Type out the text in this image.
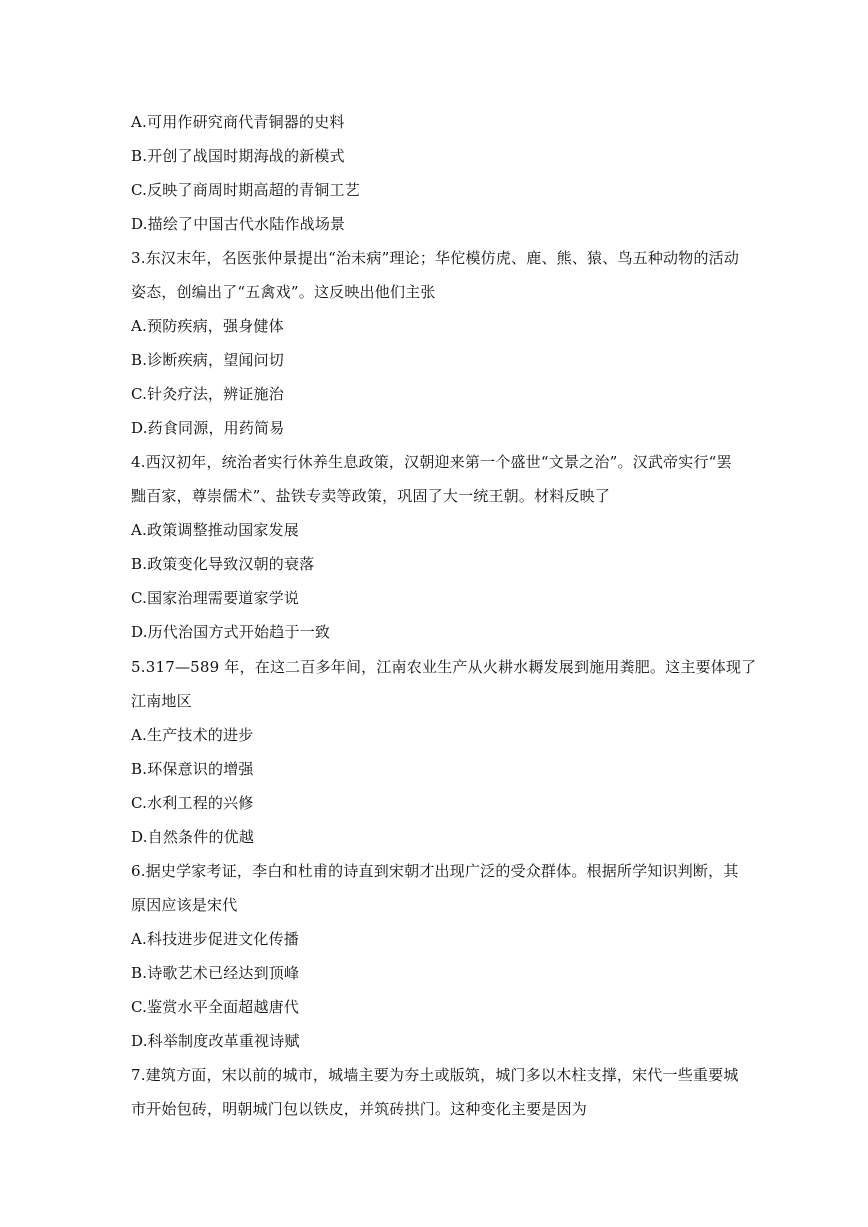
A.可用作研究商代青铜器的史料
B.开创了战国时期海战的新模式
C.反映了商周时期高超的青铜工艺
D.描绘了中国古代水陆作战场景
3.东汉末年，名医张仲景提出“治未病”理论；华佗模仿虎、鹿、熊、猿、鸟五种动物的活动
姿态，创编出了“五禽戏”。这反映出他们主张
A.预防疾病，强身健体
B.诊断疾病，望闻问切
C.针灸疗法，辨证施治
D.药食同源，用药简易
4.西汉初年，统治者实行休养生息政策，汉朝迎来第一个盛世“文景之治”。汉武帝实行“罢
黜百家，尊崇儒术”、盐铁专卖等政策，巩固了大一统王朝。材料反映了
A.政策调整推动国家发展
B.政策变化导致汉朝的衰落
C.国家治理需要道家学说
D.历代治国方式开始趋于一致
5.317—589 年，在这二百多年间，江南农业生产从火耕水耨发展到施用粪肥。这主要体现了
江南地区
A.生产技术的进步
B.环保意识的增强
C.水利工程的兴修
D.自然条件的优越
6.据史学家考证，李白和杜甫的诗直到宋朝才出现广泛的受众群体。根据所学知识判断，其
原因应该是宋代
A.科技进步促进文化传播
B.诗歌艺术已经达到顶峰
C.鉴赏水平全面超越唐代
D.科举制度改革重视诗赋
7.建筑方面，宋以前的城市，城墙主要为夯土或版筑，城门多以木柱支撑，宋代一些重要城
市开始包砖，明朝城门包以铁皮，并筑砖拱门。这种变化主要是因为
